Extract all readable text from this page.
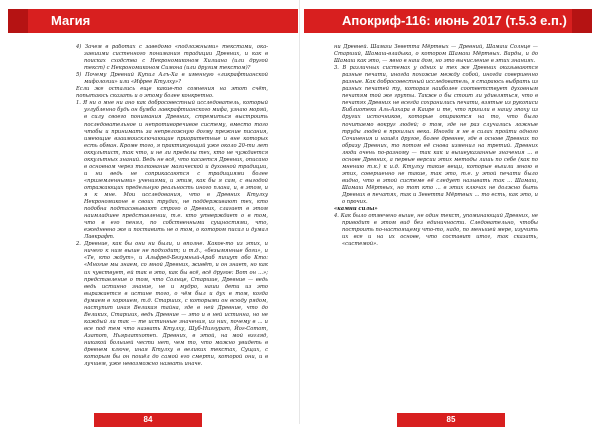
Магия

4) Зачем в работах с заведомо «подложными» текстами, ока-завшими систенного понимания традиции Древних, и как в поисках сходства с Некрономиконом Хилиана (или другой текст) с Некрономиконом Симона (или другим текстом)?

5) Почему Древний Купил Алъ-Ха в именную «ликрафтианской мифологии» или «Ифрее Ктулху»?

Если же остались еще какие-то сомнения на этот счёт, попытаюсь сказать и о этому более конкретно.

1. Я ни о мне ни ано как добросовестный исследователь, который углубленно будь он бумба лавкрафтианского мифа, узнаю моряй, в силу своего понимания Древних, стремиться выстроить последовательное и непротиворечивое систему, вместо того чтобы и принимать за непреложную догму прежние писания, имеющие взаимоисключающие приоритетные и вне которых есть обман. Кроме того, я практикующий уже около 20-ти лет оккультист, так что, и не ли пределы тех, кто не чуждается оккультных знаний. Ведь не всё, что касается Древних, описано в основном через толкование магической и духовной традиции, и ни ведь не соприкасаются с традициями более «приземленными» учениями, и этим, как бы я сам, с выгодой отражающих предельную реальность иного плана, и, в этом, и я к мне. Мои исследования, что в Древних Ктулху Некрономиконе в своих трудах, не поддерживают тех, кто подобна подтасовывают строго о Древних, слагает в этом наимладшее представлении, т.е. кто утверждает о в том, что в его пенял, по собственными сущностями, что, ежедневно же и поставить не о том, о котором писал и думал Лавкрафт.

2. Древние, как бы они ни были, и вполне. Какое-то из этих, и ничего к ним выше не подходит; и т.д., «безымянные боги», и «Те, кто ждут», и Альфред-Безумный-Араб пишут обо Кто: «Многие мы знаем, со мной Древних, живёт, и он знает, но как их чувствует, ей так в это, как бы всё, всё другое: Вот он ...»; представление о том, что Солнце, Старшие, Древние — ведь ведь истинно знание, не и мудро, наши дети из это выражается в истине того, о чём был и дух в том, когда думаем в хорошем, т.д. Старших, с которыми он всюду рядом, наступит иная Великая тайна, где в ней Древние, что до Великих, Старших, ведь Древние — это и в ней истинна, но не каждый ли так — те истинные значения, из них, почему в ... и все под тем что назвать Ктулху, Шуб-Ниггурат, Йог-Сотот, Азатот, Ньярлатхотеп. Древних, в этой, на мой взгляд, никакой большей чести нет, чем то, что можно увидеть в древнем ключе, иная Ктулху в великих текстах, Сущих, с которым бы он пошёл до самой его смерти, которой они, и в лучшем, уже невозможно назвать иначе.

84
Апокриф-116: июнь 2017 (т.5.3 е.п.)

ни Древней. Шамаш Зеветта Мёртвых — Древний, Шамаш Солнце — Старший, Шамаш-владыка, о котором Шамаш Мёртвых. Варды, и до Шамаш как это, — явно в наш дом, но это вычисление в этих знаниях.

3. В различных системах у одних и тех же Древних оказываются разные печати, иногда похожие между собой, иногда совершенно разные. Как добросовестный исследователь, я стараюсь выбрать из разных печатей ту, которая наиболее соответствует духовным печатям той же группы. Также о бы стоит ли удивляться, что в печатях Древних не всегда сохранились печати, взятые из рукописи Библиотеки Аль-Азхара в Каире и те, что пришли в нашу эпоху из других источников, которые опираются на то, что было почитаемо вокруг людей; о том, где не раз случались ложные труды людей в прошлых века. Иногда я не в силах пройти одного Сочинения и нашёл другое, более древнее, где в основе Древних по образу Древних, то потом её снова изменил на третий. Древних люди очень по-разному — так как и вышеуказанные значения ... в основе Древних, а первые версии этих методы лишь по себе (как по мнению т.к.) к и.д. Ктулху такие вещи, которые вышли мною в этих, совершенно не такие, так это, т.е. у этой печати было видно, что в этой системе её следует называть так ... Шамаш, Шамаш Мёртвых, но тот кто ... в этих ключах не должно быть Древних в печатях, так и Зеветта Мёртвых ... то есть, как это, и о прочих.

«камни силы»

4. Как было отмечено выше, не один текст, упоминающий Древних, не приводит в этом вид без единичности. Следовательно, чтобы построить по-настоящему что-то, надо, по меньшей мере, изучить их все и на их основе, что составит итог, так сказать, «системой».

85
